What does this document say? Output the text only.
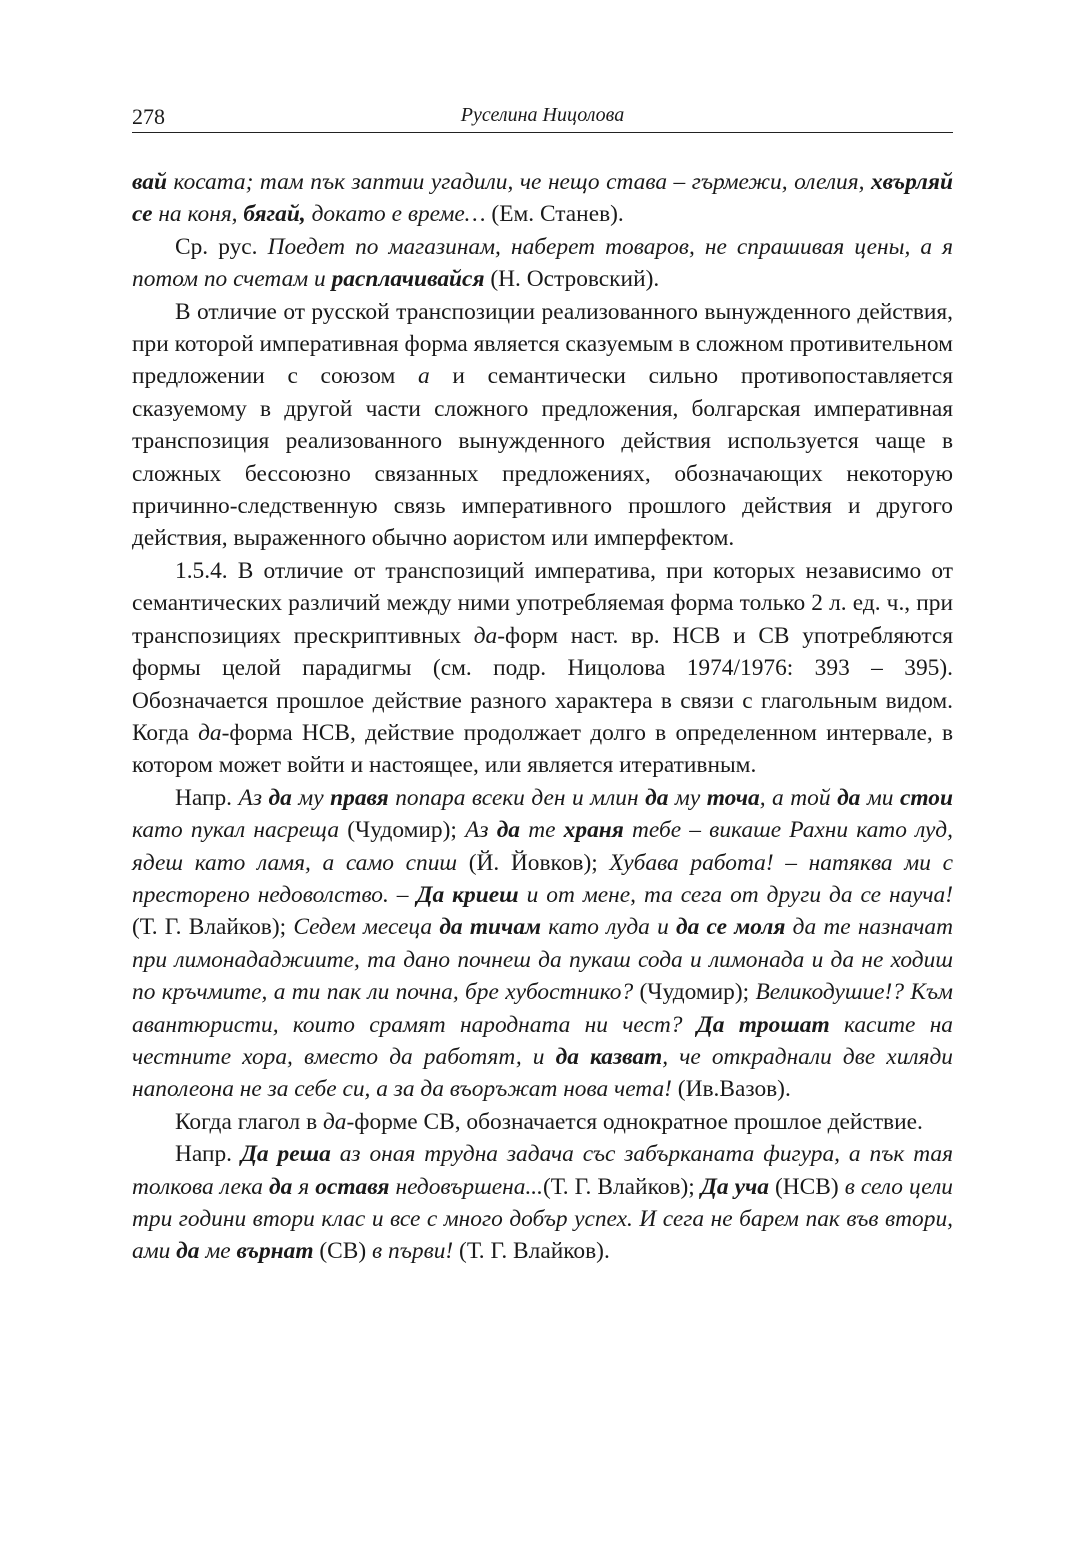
278	Руселина Ницолова

вай косата; там пък заптии угадили, че нещо става – гърмежи, олелия, хвърляй се на коня, бягай, докато е време… (Ем. Станев).

Ср. рус. Поедет по магазинам, наберет товаров, не спрашивая цены, а я потом по счетам и расплачивайся (Н. Островский).

В отличие от русской транспозиции реализованного вынужденного действия, при которой императивная форма является сказуемым в сложном противительном предложении с союзом а и семантически сильно противопоставляется сказуемому в другой части сложного предложения, болгарская императивная транспозиция реализованного вынужденного действия используется чаще в сложных бессоюзно связанных предложениях, обозначающих некоторую причинно-следственную связь императивного прошлого действия и другого действия, выраженного обычно аористом или имперфектом.

1.5.4. В отличие от транспозиций императива, при которых независимо от семантических различий между ними употребляемая форма только 2 л. ед. ч., при транспозициях прескриптивных да-форм наст. вр. НСВ и СВ употребляются формы целой парадигмы (см. подр. Ницолова 1974/1976: 393 – 395). Обозначается прошлое действие разного характера в связи с глагольным видом. Когда да-форма НСВ, действие продолжает долго в определенном интервале, в котором может войти и настоящее, или является итеративным.

Напр. Аз да му правя попара всеки ден и млин да му точа, а той да ми стои като пукал насреща (Чудомир); Аз да те храня тебе – викаше Рахни като луд, ядеш като ламя, а само спиш (Й. Йовков); Хубава работа! – натяква ми с престорено недоволство. – Да криеш и от мене, та сега от други да се науча! (Т. Г. Влайков); Седем месеца да тичам като луда и да се моля да те назначат при лимонададжиите, та дано почнеш да пукаш сода и лимонада и да не ходиш по кръчмите, а ти пак ли почна, бре хубостнико? (Чудомир); Великодушие!? Към авантюристи, които срамят народната ни чест? Да трошат касите на честните хора, вместо да работят, и да казват, че откраднали две хиляди наполеона не за себе си, а за да въоръжат нова чета! (Ив.Вазов).

Когда глагол в да-форме СВ, обозначается однократное прошлое действие.

Напр. Да реша аз оная трудна задача със забърканата фигура, а пък тая толкова лека да я оставя недовършена...(Т. Г. Влайков); Да уча (НСВ) в село цели три години втори клас и все с много добър успех. И сега не барем пак във втори, ами да ме върнат (СВ) в първи! (Т. Г. Влайков).
